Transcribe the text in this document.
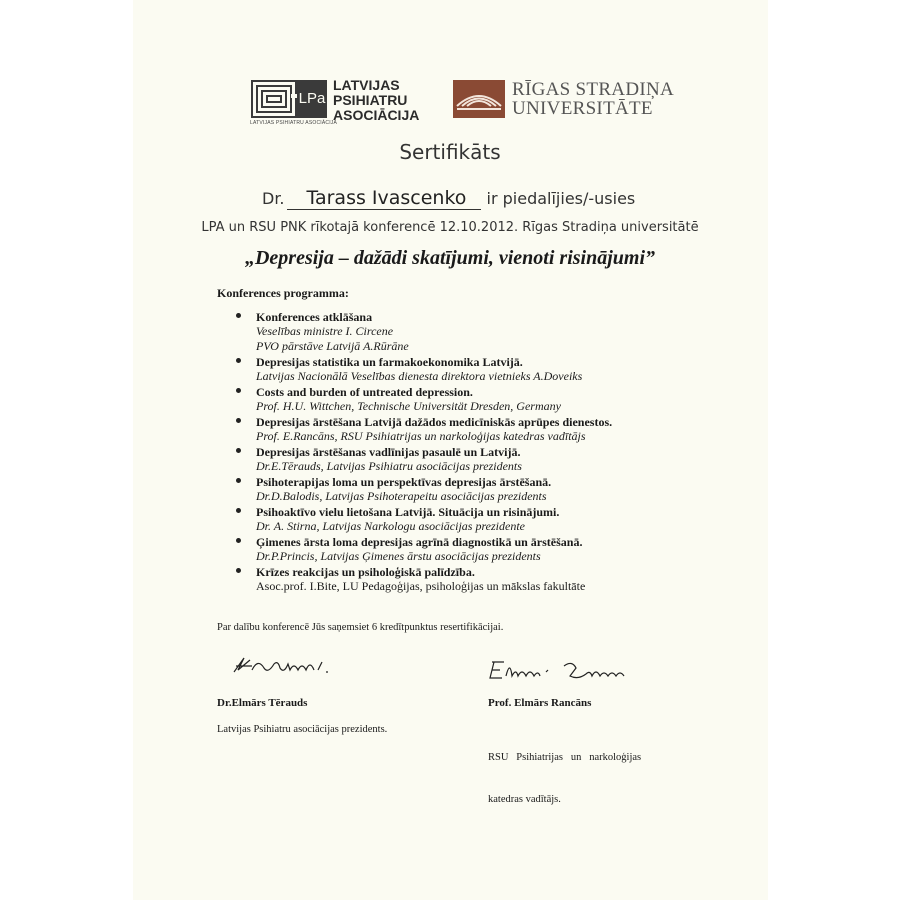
LPa
LATVIJAS
PSIHIATRU
ASOCIĀCIJA
LATVIJAS PSIHIATRU ASOCIĀCIJA
RĪGAS STRADIŅA
UNIVERSITĀTE
Sertifikāts
Dr. Tarass Ivascenko ir piedalījies/-usies
LPA un RSU PNK rīkotajā konferencē 12.10.2012. Rīgas Stradiņa universitātē
„Depresija – dažādi skatījumi, vienoti risinājumi”
Konferences programma:
Konferences atklāšana
Veselības ministre I. Circene
PVO pārstāve Latvijā A.Rūrāne
Depresijas statistika un farmakoekonomika Latvijā.
Latvijas Nacionālā Veselības dienesta direktora vietnieks A.Doveiks
Costs and burden of untreated depression.
Prof. H.U. Wittchen, Technische Universität Dresden, Germany
Depresijas ārstēšana Latvijā dažādos medicīniskās aprūpes dienestos.
Prof. E.Rancāns, RSU Psihiatrijas un narkoloģijas katedras vadītājs
Depresijas ārstēšanas vadlīnijas pasaulē un Latvijā.
Dr.E.Tērauds, Latvijas Psihiatru asociācijas prezidents
Psihoterapijas loma un perspektīvas depresijas ārstēšanā.
Dr.D.Balodis, Latvijas Psihoterapeitu asociācijas prezidents
Psihoaktīvo vielu lietošana Latvijā. Situācija un risinājumi.
Dr. A. Stirna, Latvijas Narkologu asociācijas prezidente
Ģimenes ārsta loma depresijas agrīnā diagnostikā un ārstēšanā.
Dr.P.Princis, Latvijas Ģimenes ārstu asociācijas prezidents
Krīzes reakcijas un psiholoģiskā palīdzība.
Asoc.prof. I.Bite, LU Pedagoģijas, psiholoģijas un mākslas fakultāte
Par dalību konferencē Jūs saņemsiet 6 kredītpunktus resertifikācijai.
Dr.Elmārs Tērauds
Latvijas Psihiatru asociācijas prezidents.
Prof. Elmārs Rancāns

RSU   Psihiatrijas   un   narkoloģijas

katedras vadītājs.
